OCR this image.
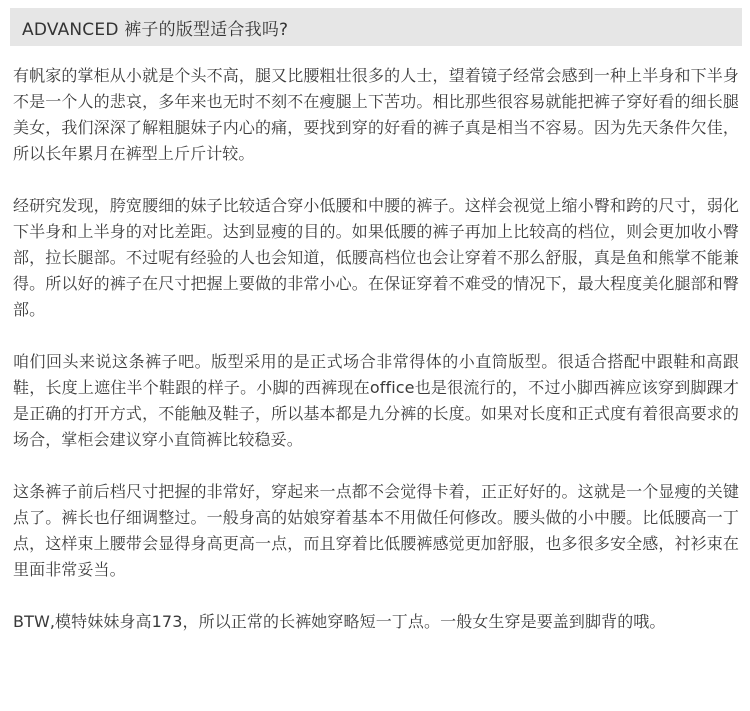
ADVANCED 裤子的版型适合我吗?

有帆家的掌柜从小就是个头不高，腿又比腰粗壮很多的人士，望着镜子经常会感到一种上半身和下半身不是一个人的悲哀，多年来也无时不刻不在瘦腿上下苦功。相比那些很容易就能把裤子穿好看的细长腿美女，我们深深了解粗腿妹子内心的痛，要找到穿的好看的裤子真是相当不容易。因为先天条件欠佳，所以长年累月在裤型上斤斤计较。

经研究发现，胯宽腰细的妹子比较适合穿小低腰和中腰的裤子。这样会视觉上缩小臀和跨的尺寸，弱化下半身和上半身的对比差距。达到显瘦的目的。如果低腰的裤子再加上比较高的档位，则会更加收小臀部，拉长腿部。不过呢有经验的人也会知道，低腰高档位也会让穿着不那么舒服，真是鱼和熊掌不能兼得。所以好的裤子在尺寸把握上要做的非常小心。在保证穿着不难受的情况下，最大程度美化腿部和臀部。

咱们回头来说这条裤子吧。版型采用的是正式场合非常得体的小直筒版型。很适合搭配中跟鞋和高跟鞋，长度上遮住半个鞋跟的样子。小脚的西裤现在office也是很流行的，不过小脚西裤应该穿到脚踝才是正确的打开方式，不能触及鞋子，所以基本都是九分裤的长度。如果对长度和正式度有着很高要求的场合，掌柜会建议穿小直筒裤比较稳妥。

这条裤子前后档尺寸把握的非常好，穿起来一点都不会觉得卡着，正正好好的。这就是一个显瘦的关键点了。裤长也仔细调整过。一般身高的姑娘穿着基本不用做任何修改。腰头做的小中腰。比低腰高一丁点，这样束上腰带会显得身高更高一点，而且穿着比低腰裤感觉更加舒服，也多很多安全感，衬衫束在里面非常妥当。

BTW,模特妹妹身高173，所以正常的长裤她穿略短一丁点。一般女生穿是要盖到脚背的哦。
